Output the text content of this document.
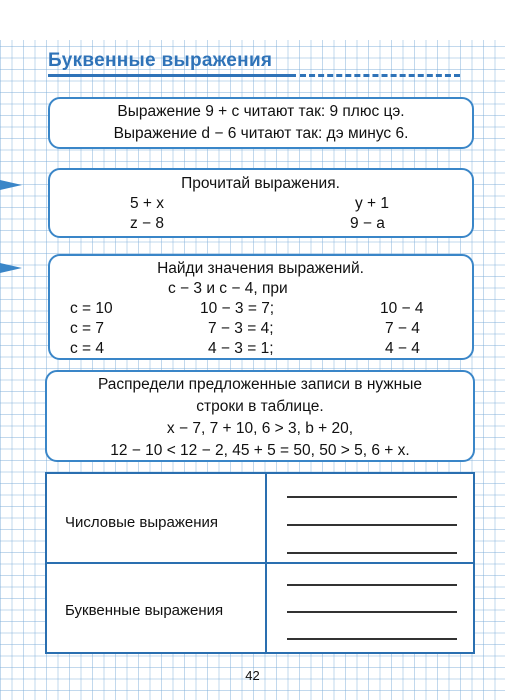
Буквенные выражения
Выражение 9 + c читают так: 9 плюс цэ.
Выражение d − 6 читают так: дэ минус 6.
Прочитай выражения.
5 + x	y + 1
z − 8	9 − a
Найди значения выражений.
c − 3 и c − 4, при
c = 10	10 − 3 = 7;	10 − 4
c = 7	7 − 3 = 4;	7 − 4
c = 4	4 − 3 = 1;	4 − 4
Распредели предложенные записи в нужные
строки в таблице.
x − 7, 7 + 10, 6 > 3, b + 20,
12 − 10 < 12 − 2, 45 + 5 = 50, 50 > 5, 6 + x.
Числовые выражения
Буквенные выражения
42
